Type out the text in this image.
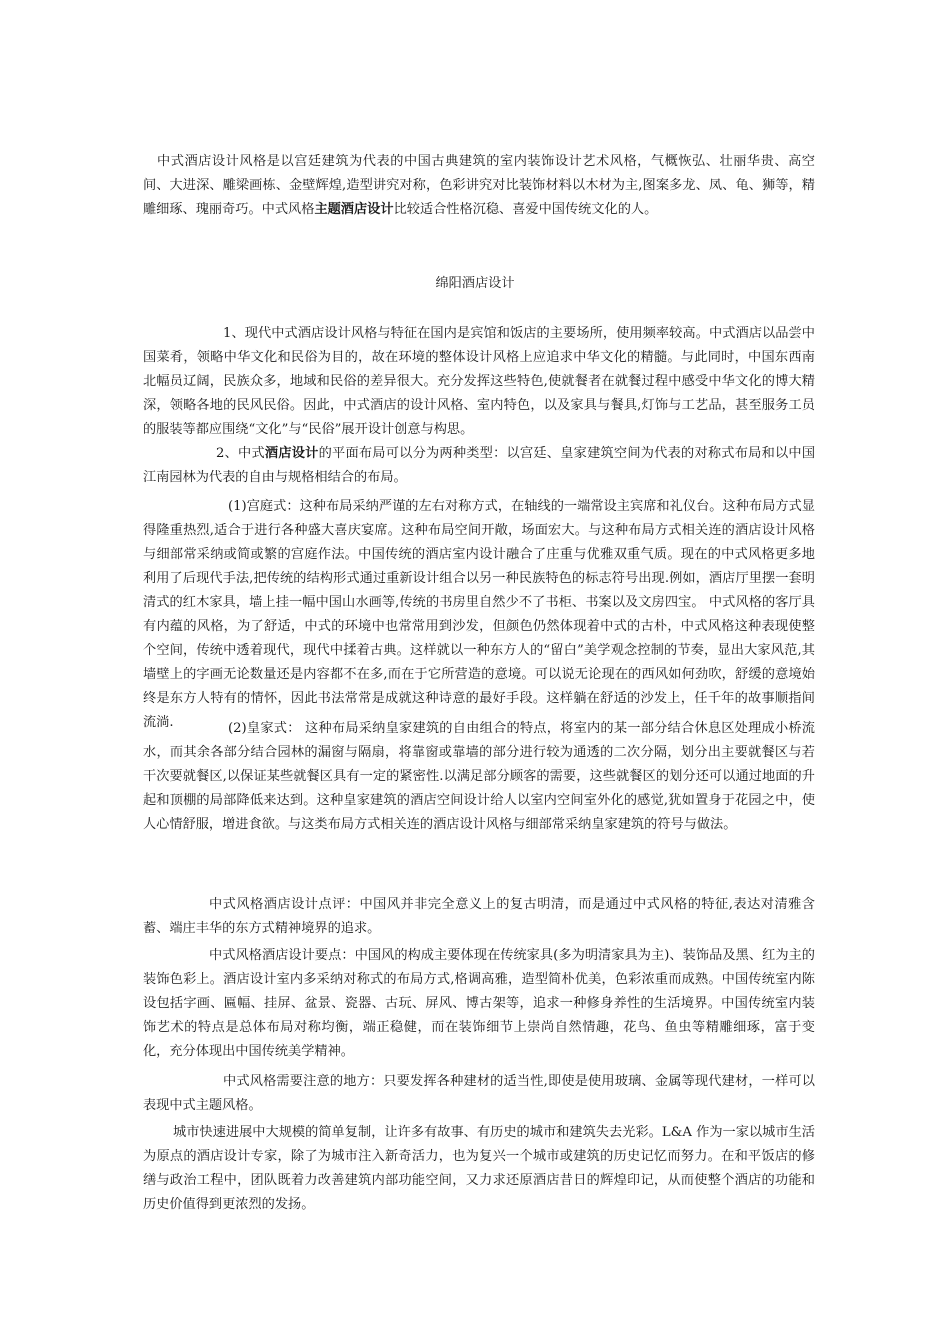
中式酒店设计风格是以宫廷建筑为代表的中国古典建筑的室内装饰设计艺术风格，气概恢弘、壮丽华贵、高空间、大进深、雕梁画栋、金壁辉煌,造型讲究对称，色彩讲究对比装饰材料以木材为主,图案多龙、凤、龟、狮等，精雕细琢、瑰丽奇巧。中式风格主题酒店设计比较适合性格沉稳、喜爱中国传统文化的人。

绵阳酒店设计

1、现代中式酒店设计风格与特征在国内是宾馆和饭店的主要场所，使用频率较高。中式酒店以品尝中国菜肴，领略中华文化和民俗为目的，故在环境的整体设计风格上应追求中华文化的精髓。与此同时，中国东西南北幅员辽阔，民族众多，地域和民俗的差异很大。充分发挥这些特色,使就餐者在就餐过程中感受中华文化的博大精深，领略各地的民风民俗。因此，中式酒店的设计风格、室内特色，以及家具与餐具,灯饰与工艺品，甚至服务工员的服装等都应围绕“文化”与“民俗”展开设计创意与构思。

2、中式酒店设计的平面布局可以分为两种类型：以宫廷、皇家建筑空间为代表的对称式布局和以中国江南园林为代表的自由与规格相结合的布局。

(1)宫庭式：这种布局采纳严谨的左右对称方式，在轴线的一端常设主宾席和礼仪台。这种布局方式显得隆重热烈,适合于进行各种盛大喜庆宴席。这种布局空间开敞，场面宏大。与这种布局方式相关连的酒店设计风格与细部常采纳或简或繁的宫庭作法。中国传统的酒店室内设计融合了庄重与优雅双重气质。现在的中式风格更多地利用了后现代手法,把传统的结构形式通过重新设计组合以另一种民族特色的标志符号出现.例如，酒店厅里摆一套明清式的红木家具，墙上挂一幅中国山水画等,传统的书房里自然少不了书柜、书案以及文房四宝。 中式风格的客厅具有内蕴的风格，为了舒适，中式的环境中也常常用到沙发，但颜色仍然体现着中式的古朴，中式风格这种表现使整个空间，传统中透着现代，现代中揉着古典。这样就以一种东方人的“留白”美学观念控制的节奏，显出大家风范,其墙壁上的字画无论数量还是内容都不在多,而在于它所营造的意境。可以说无论现在的西风如何劲吹，舒缓的意境始终是东方人特有的情怀，因此书法常常是成就这种诗意的最好手段。这样躺在舒适的沙发上，任千年的故事顺指间流淌.	(2)皇家式： 这种布局采纳皇家建筑的自由组合的特点，将室内的某一部分结合休息区处理成小桥流水，而其余各部分结合园林的漏窗与隔扇，将靠窗或靠墙的部分进行较为通透的二次分隔，划分出主要就餐区与若干次要就餐区,以保证某些就餐区具有一定的紧密性.以满足部分顾客的需要，这些就餐区的划分还可以通过地面的升起和顶棚的局部降低来达到。这种皇家建筑的酒店空间设计给人以室内空间室外化的感觉,犹如置身于花园之中，使人心情舒服，增进食欲。与这类布局方式相关连的酒店设计风格与细部常采纳皇家建筑的符号与做法。

中式风格酒店设计点评：中国风并非完全意义上的复古明清，而是通过中式风格的特征,表达对清雅含蓄、端庄丰华的东方式精神境界的追求。

中式风格酒店设计要点：中国风的构成主要体现在传统家具(多为明清家具为主)、装饰品及黑、红为主的装饰色彩上。酒店设计室内多采纳对称式的布局方式,格调高雅，造型简朴优美，色彩浓重而成熟。中国传统室内陈设包括字画、匾幅、挂屏、盆景、瓷器、古玩、屏风、博古架等，追求一种修身养性的生活境界。中国传统室内装饰艺术的特点是总体布局对称均衡，端正稳健，而在装饰细节上崇尚自然情趣，花鸟、鱼虫等精雕细琢，富于变化，充分体现出中国传统美学精神。

中式风格需要注意的地方：只要发挥各种建材的适当性,即使是使用玻璃、金属等现代建材，一样可以表现中式主题风格。

城市快速进展中大规模的简单复制，让许多有故事、有历史的城市和建筑失去光彩。L&A 作为一家以城市生活为原点的酒店设计专家，除了为城市注入新奇活力，也为复兴一个城市或建筑的历史记忆而努力。在和平饭店的修缮与政治工程中，团队既着力改善建筑内部功能空间，又力求还原酒店昔日的辉煌印记，从而使整个酒店的功能和历史价值得到更浓烈的发扬。
